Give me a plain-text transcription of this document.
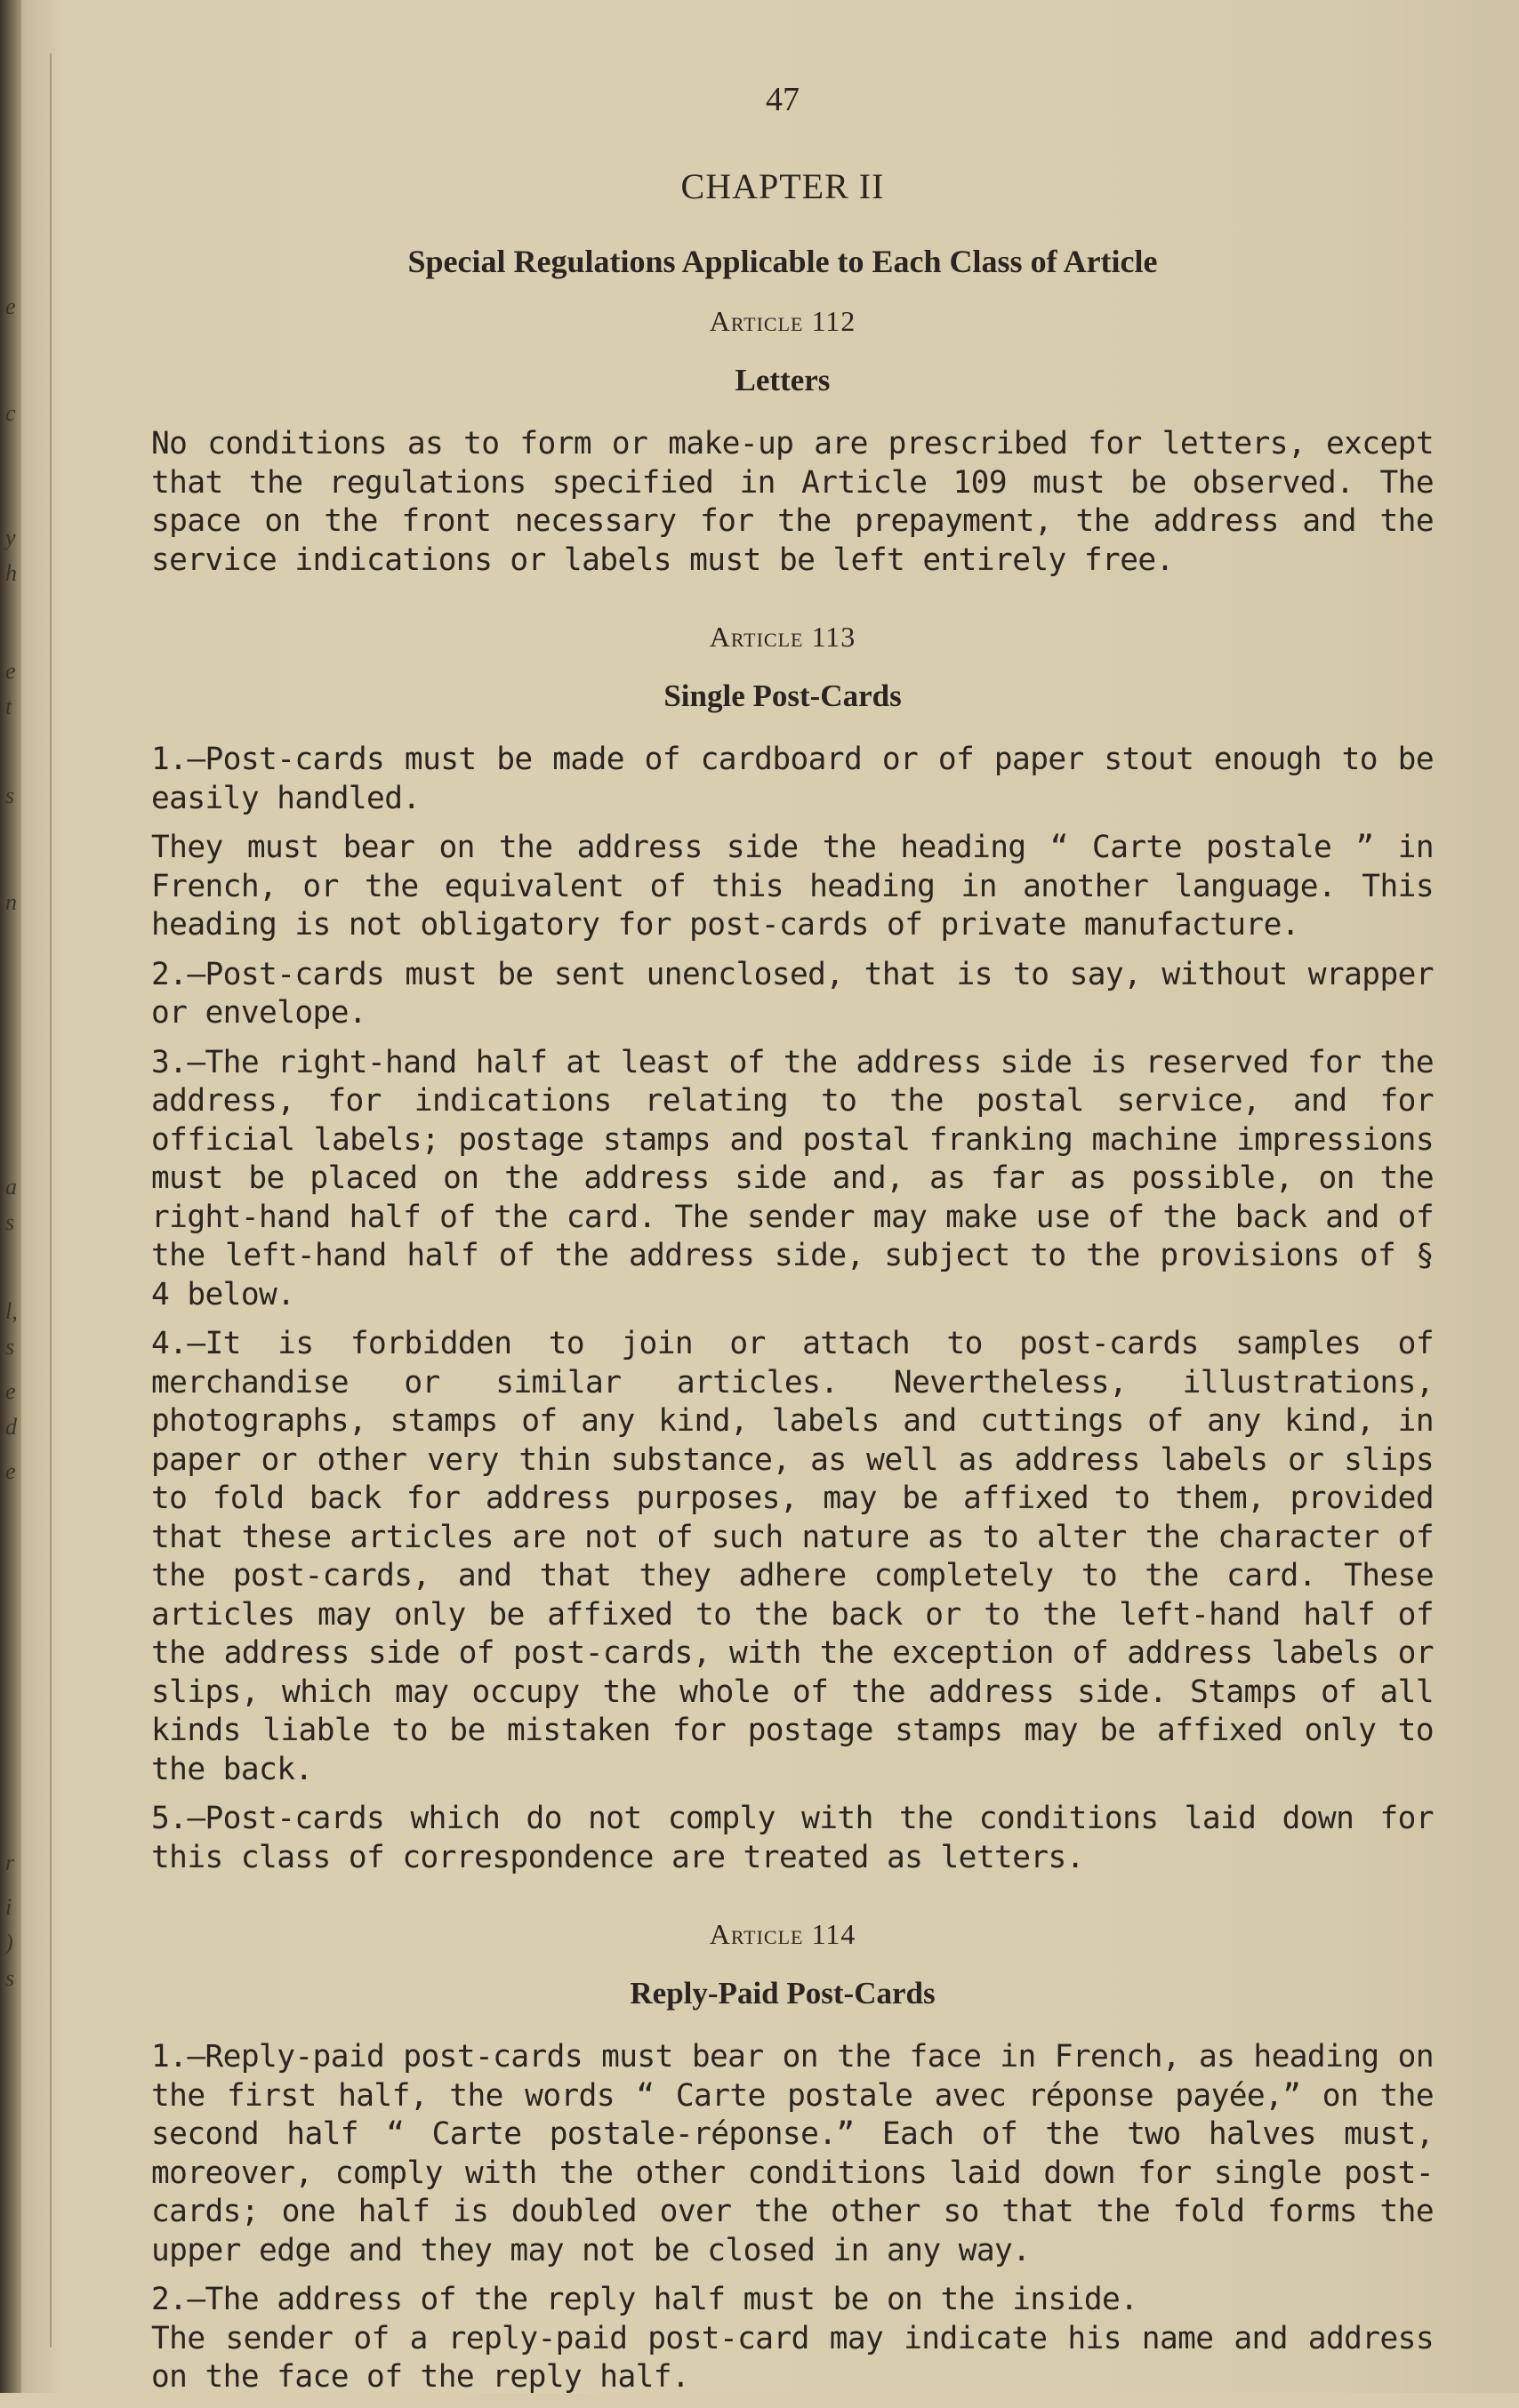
e
c
y
h
e
t
s
n
a
s
l,
s
e
d
e
r
i
)
s
47
CHAPTER II
Special Regulations Applicable to Each Class of Article
Article 112
Letters

No conditions as to form or make-up are prescribed for letters, except that the regulations specified in Article 109 must be observed. The space on the front necessary for the prepayment, the address and the service indications or labels must be left entirely free.

Article 113
Single Post-Cards

1.—Post-cards must be made of cardboard or of paper stout enough to be easily handled.

They must bear on the address side the heading “ Carte postale ” in French, or the equivalent of this heading in another language. This heading is not obligatory for post-cards of private manufacture.

2.—Post-cards must be sent unenclosed, that is to say, without wrapper or envelope.

3.—The right-hand half at least of the address side is reserved for the address, for indications relating to the postal service, and for official labels; postage stamps and postal franking machine impressions must be placed on the address side and, as far as possible, on the right-hand half of the card. The sender may make use of the back and of the left-hand half of the address side, subject to the provisions of § 4 below.

4.—It is forbidden to join or attach to post-cards samples of merchandise or similar articles. Nevertheless, illustrations, photographs, stamps of any kind, labels and cuttings of any kind, in paper or other very thin substance, as well as address labels or slips to fold back for address purposes, may be affixed to them, provided that these articles are not of such nature as to alter the character of the post-cards, and that they adhere completely to the card. These articles may only be affixed to the back or to the left-hand half of the address side of post-cards, with the exception of address labels or slips, which may occupy the whole of the address side. Stamps of all kinds liable to be mistaken for postage stamps may be affixed only to the back.

5.—Post-cards which do not comply with the conditions laid down for this class of correspondence are treated as letters.

Article 114
Reply-Paid Post-Cards

1.—Reply-paid post-cards must bear on the face in French, as heading on the first half, the words “ Carte postale avec réponse payée,” on the second half “ Carte postale-réponse.” Each of the two halves must, moreover, comply with the other conditions laid down for single post-cards; one half is doubled over the other so that the fold forms the upper edge and they may not be closed in any way.

2.—The address of the reply half must be on the inside.

The sender of a reply-paid post-card may indicate his name and address on the face of the reply half.
